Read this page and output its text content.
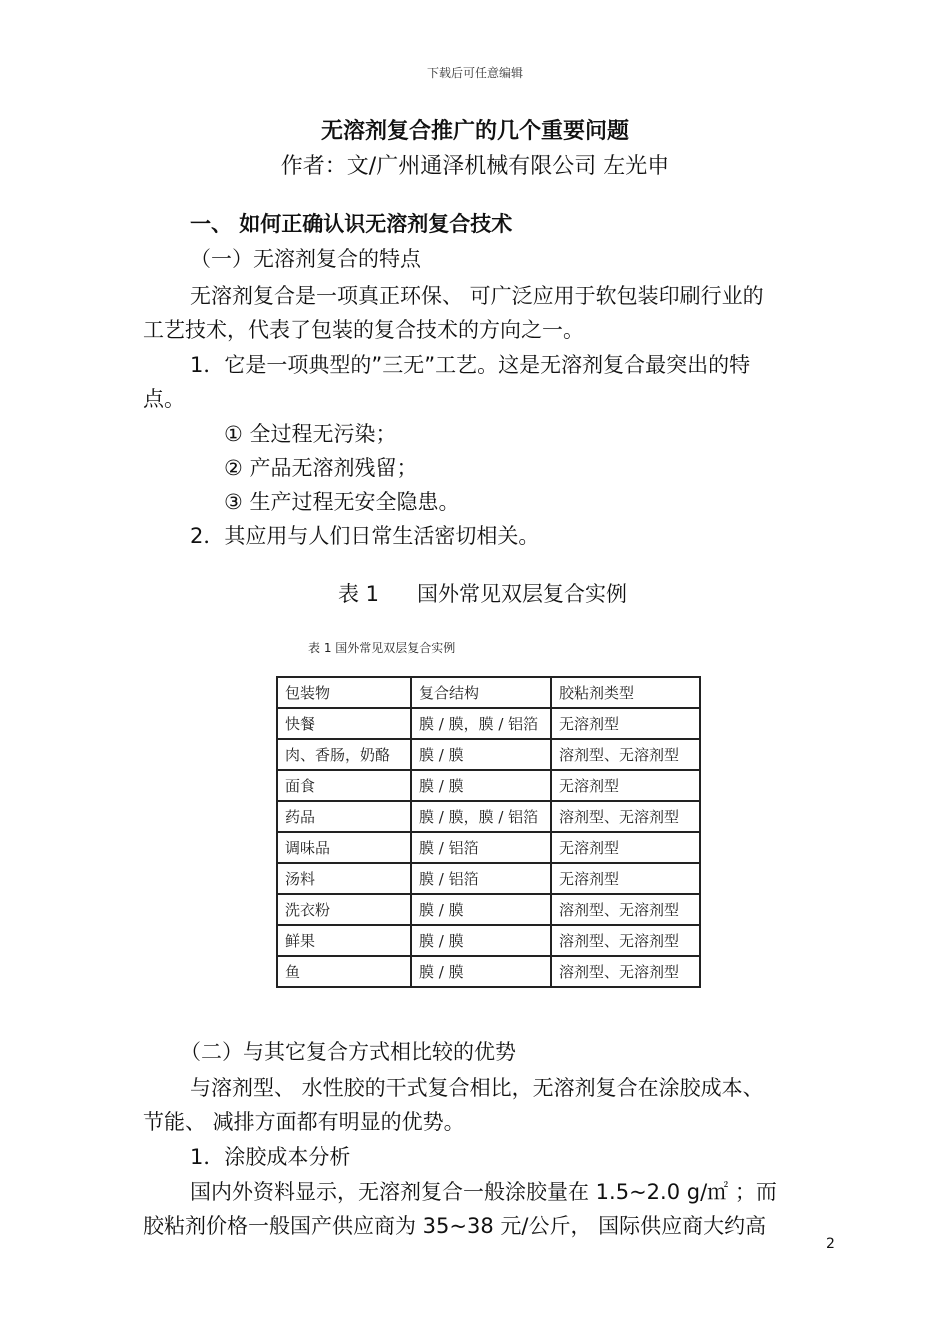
下载后可任意编辑
无溶剂复合推广的几个重要问题
作者：文/广州通泽机械有限公司 左光申
一、 如何正确认识无溶剂复合技术
（一）无溶剂复合的特点
无溶剂复合是一项真正环保、 可广泛应用于软包装印刷行业的
工艺技术，代表了包装的复合技术的方向之一。
1．它是一项典型的”三无”工艺。这是无溶剂复合最突出的特
点。
① 全过程无污染；
② 产品无溶剂残留；
③ 生产过程无安全隐患。
2．其应用与人们日常生活密切相关。
表 1 国外常见双层复合实例
表 1 国外常见双层复合实例
包装物	复合结构	胶粘剂类型
快餐	膜 / 膜，膜 / 铝箔	无溶剂型
肉、香肠，奶酪	膜 / 膜	溶剂型、无溶剂型
面食	膜 / 膜	无溶剂型
药品	膜 / 膜，膜 / 铝箔	溶剂型、无溶剂型
调味品	膜 / 铝箔	无溶剂型
汤料	膜 / 铝箔	无溶剂型
洗衣粉	膜 / 膜	溶剂型、无溶剂型
鲜果	膜 / 膜	溶剂型、无溶剂型
鱼	膜 / 膜	溶剂型、无溶剂型
（二）与其它复合方式相比较的优势
与溶剂型、 水性胶的干式复合相比，无溶剂复合在涂胶成本、
节能、 减排方面都有明显的优势。
1．涂胶成本分析
国内外资料显示，无溶剂复合一般涂胶量在 1.5~2.0 g/㎡ ；而
胶粘剂价格一般国产供应商为 35~38 元/公斤， 国际供应商大约高
2
